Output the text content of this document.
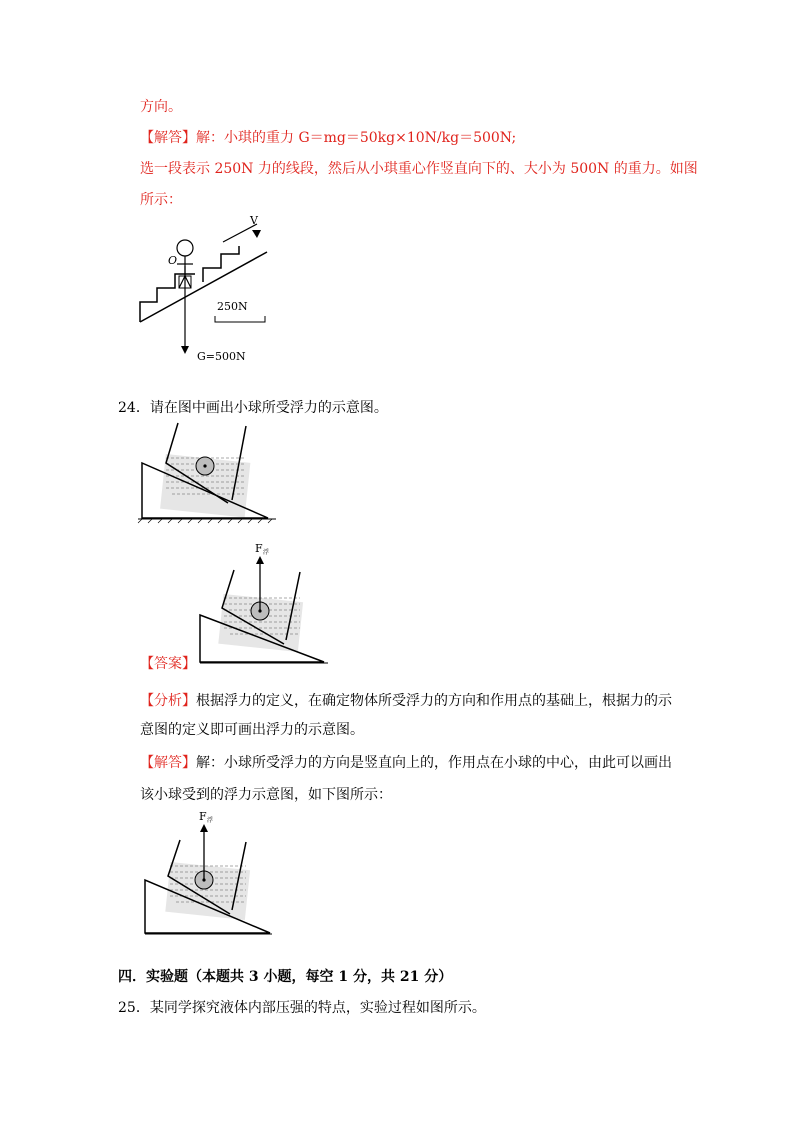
方向。
【解答】解：小琪的重力 G＝mg＝50kg×10N/kg＝500N;
选一段表示 250N 力的线段，然后从小琪重心作竖直向下的、大小为 500N 的重力。如图
所示：
V
O
250N
G=500N
24．请在图中画出小球所受浮力的示意图。
F 浮
【答案】
【分析】根据浮力的定义，在确定物体所受浮力的方向和作用点的基础上，根据力的示
意图的定义即可画出浮力的示意图。
【解答】解：小球所受浮力的方向是竖直向上的，作用点在小球的中心，由此可以画出
该小球受到的浮力示意图，如下图所示：
F 浮
四．实验题（本题共 3 小题，每空 1 分，共 21 分）
25．某同学探究液体内部压强的特点，实验过程如图所示。
